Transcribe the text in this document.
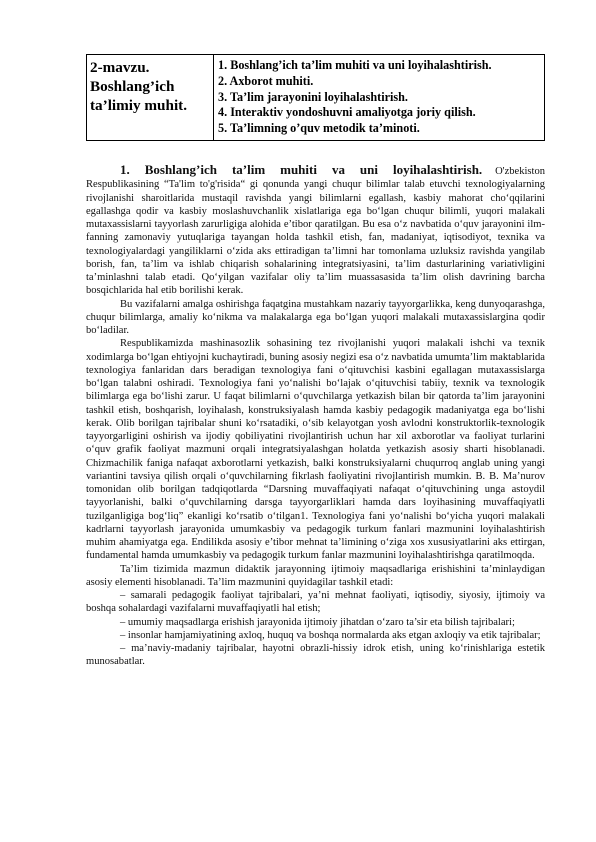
2-mavzu.
Boshlang’ich
ta’limiy muhit.

1. Boshlang’ich ta’lim muhiti va uni loyihalashtirish.
2. Axborot muhiti.
3. Ta’lim jarayonini loyihalashtirish.
4. Interaktiv yondoshuvni amaliyotga joriy qilish.
5. Ta’limning o’quv metodik ta’minoti.

1. Boshlang’ich ta’lim muhiti va uni loyihalashtirish. O'zbekiston Respublikasining “Ta'lim to'g'risida“ gi qonunda yangi chuqur bilimlar talab etuvchi texnologiyalarning rivojlanishi sharoitlarida mustaqil ravishda yangi bilimlarni egallash, kasbiy mahorat cho‘qqilarini egallashga qodir va kasbiy moslashuvchanlik xislatlariga ega bo‘lgan chuqur bilimli, yuqori malakali mutaxassislarni tayyorlash zarurligiga alohida e’tibor qaratilgan. Bu esa o‘z navbatida o‘quv jarayonini ilm-fanning zamonaviy yutuqlariga tayangan holda tashkil etish, fan, madaniyat, iqtisodiyot, texnika va texnologiyalardagi yangiliklarni o‘zida aks ettiradigan ta’limni har tomonlama uzluksiz ravishda yangilab borish, fan, ta’lim va ishlab chiqarish sohalarining integratsiyasini, ta’lim dasturlarining variativligini ta’minlashni talab etadi. Qo‘yilgan vazifalar oliy ta’lim muassasasida ta’lim olish davrining barcha bosqichlarida hal etib borilishi kerak.

Bu vazifalarni amalga oshirishga faqatgina mustahkam nazariy tayyorgarlikka, keng dunyoqarashga, chuqur bilimlarga, amaliy ko‘nikma va malakalarga ega bo‘lgan yuqori malakali mutaxassislargina qodir bo‘ladilar.

Respublikamizda mashinasozlik sohasining tez rivojlanishi yuqori malakali ishchi va texnik xodimlarga bo‘lgan ehtiyojni kuchaytiradi, buning asosiy negizi esa o‘z navbatida umumta’lim maktablarida texnologiya fanlaridan dars beradigan texnologiya fani o‘qituvchisi kasbini egallagan mutaxassislarga bo‘lgan talabni oshiradi. Texnologiya fani yo‘nalishi bo‘lajak o‘qituvchisi tabiiy, texnik va texnologik bilimlarga ega bo‘lishi zarur. U faqat bilimlarni o‘quvchilarga yetkazish bilan bir qatorda ta’lim jarayonini tashkil etish, boshqarish, loyihalash, konstruksiyalash hamda kasbiy pedagogik madaniyatga ega bo‘lishi kerak. Olib borilgan tajribalar shuni ko‘rsatadiki, o‘sib kelayotgan yosh avlodni konstruktorlik-texnologik tayyorgarligini oshirish va ijodiy qobiliyatini rivojlantirish uchun har xil axborotlar va faoliyat turlarini o‘quv grafik faoliyat mazmuni orqali integratsiyalashgan holatda yetkazish asosiy sharti hisoblanadi. Chizmachilik faniga nafaqat axborotlarni yetkazish, balki konstruksiyalarni chuqurroq anglab uning yangi variantini tavsiya qilish orqali o‘quvchilarning fikrlash faoliyatini rivojlantirish mumkin. B. B. Ma’nurov tomonidan olib borilgan tadqiqotlarda “Darsning muvaffaqiyati nafaqat o‘qituvchining unga astoydil tayyorlanishi, balki o‘quvchilarning darsga tayyorgarliklari hamda dars loyihasining muvaffaqiyatli tuzilganligiga bog‘liq” ekanligi ko‘rsatib o‘tilgan1. Texnologiya fani yo‘nalishi bo‘yicha yuqori malakali kadrlarni tayyorlash jarayonida umumkasbiy va pedagogik turkum fanlari mazmunini loyihalashtirish muhim ahamiyatga ega. Endilikda asosiy e’tibor mehnat ta’limining o‘ziga xos xususiyatlarini aks ettirgan, fundamental hamda umumkasbiy va pedagogik turkum fanlar mazmunini loyihalashtirishga qaratilmoqda.

Ta’lim tizimida mazmun didaktik jarayonning ijtimoiy maqsadlariga erishishini ta’minlaydigan asosiy elementi hisoblanadi. Ta’lim mazmunini quyidagilar tashkil etadi:

– samarali pedagogik faoliyat tajribalari, ya’ni mehnat faoliyati, iqtisodiy, siyosiy, ijtimoiy va boshqa sohalardagi vazifalarni muvaffaqiyatli hal etish;

– umumiy maqsadlarga erishish jarayonida ijtimoiy jihatdan o‘zaro ta’sir eta bilish tajribalari;

– insonlar hamjamiyatining axloq, huquq va boshqa normalarda aks etgan axloqiy va etik tajribalar;

– ma’naviy-madaniy tajribalar, hayotni obrazli-hissiy idrok etish, uning ko‘rinishlariga estetik munosabatlar.
